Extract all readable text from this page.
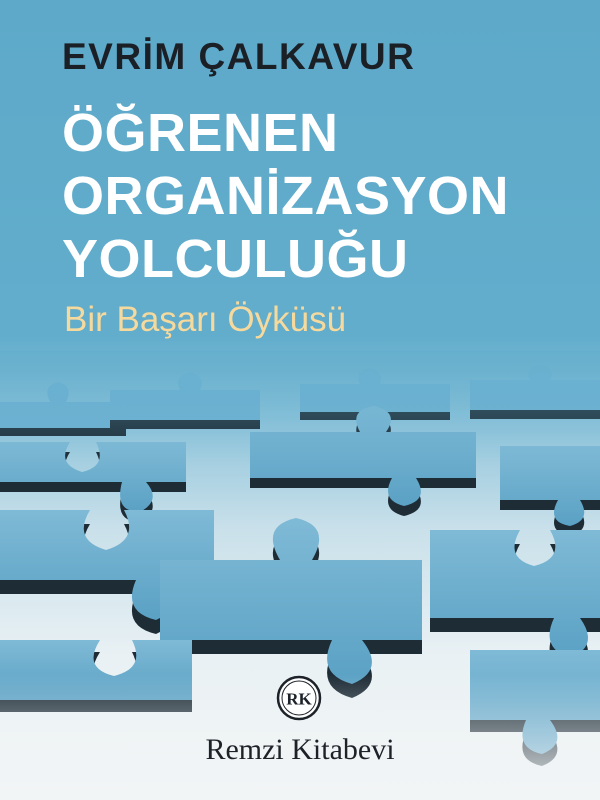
EVRİM ÇALKAVUR
ÖĞRENEN
ORGANİZASYON
YOLCULUĞU
Bir Başarı Öyküsü
RK
Remzi Kitabevi
